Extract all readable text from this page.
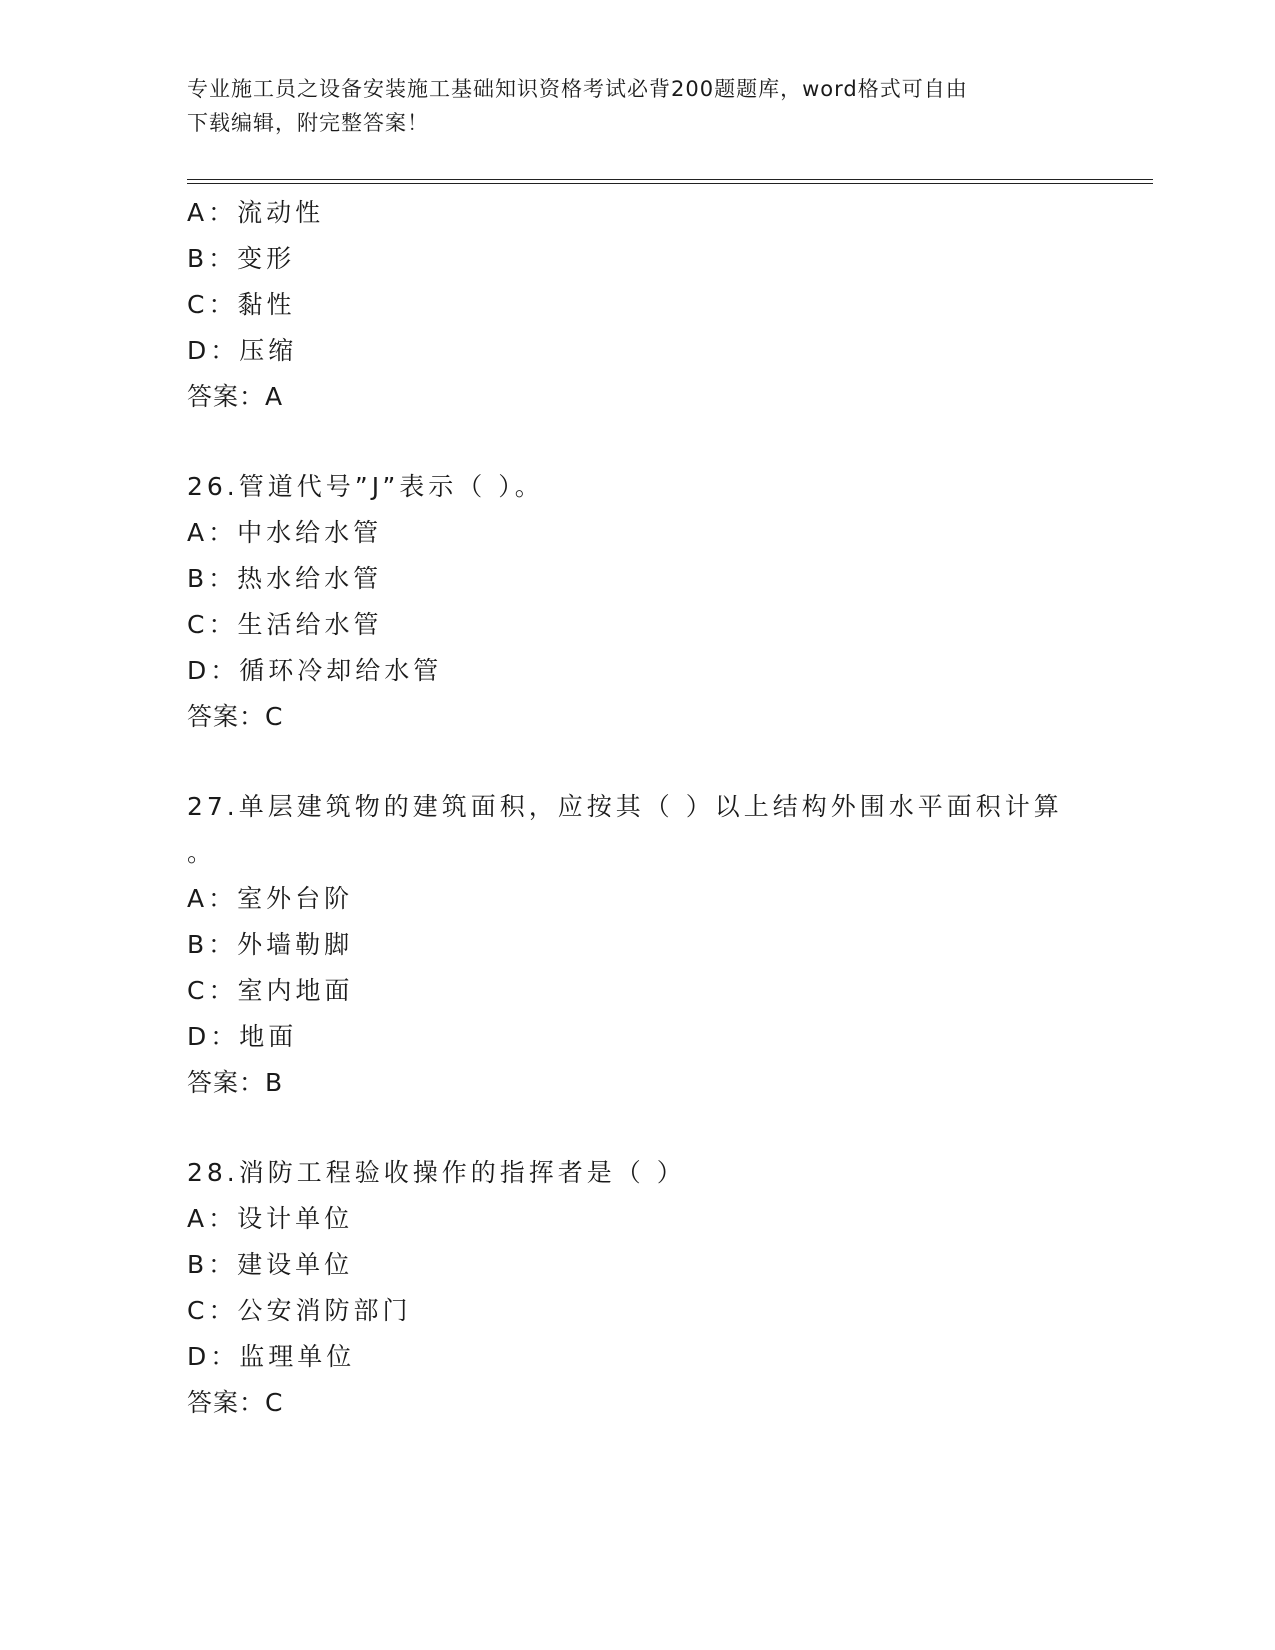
专业施工员之设备安装施工基础知识资格考试必背200题题库，word格式可自由
下载编辑，附完整答案！
A：流动性
B：变形
C：黏性
D：压缩
答案：A
26.管道代号”J”表示（ ）。
A：中水给水管
B：热水给水管
C：生活给水管
D：循环冷却给水管
答案：C
27.单层建筑物的建筑面积，应按其（ ）以上结构外围水平面积计算
。
A：室外台阶
B：外墙勒脚
C：室内地面
D：地面
答案：B
28.消防工程验收操作的指挥者是（ ）
A：设计单位
B：建设单位
C：公安消防部门
D：监理单位
答案：C
